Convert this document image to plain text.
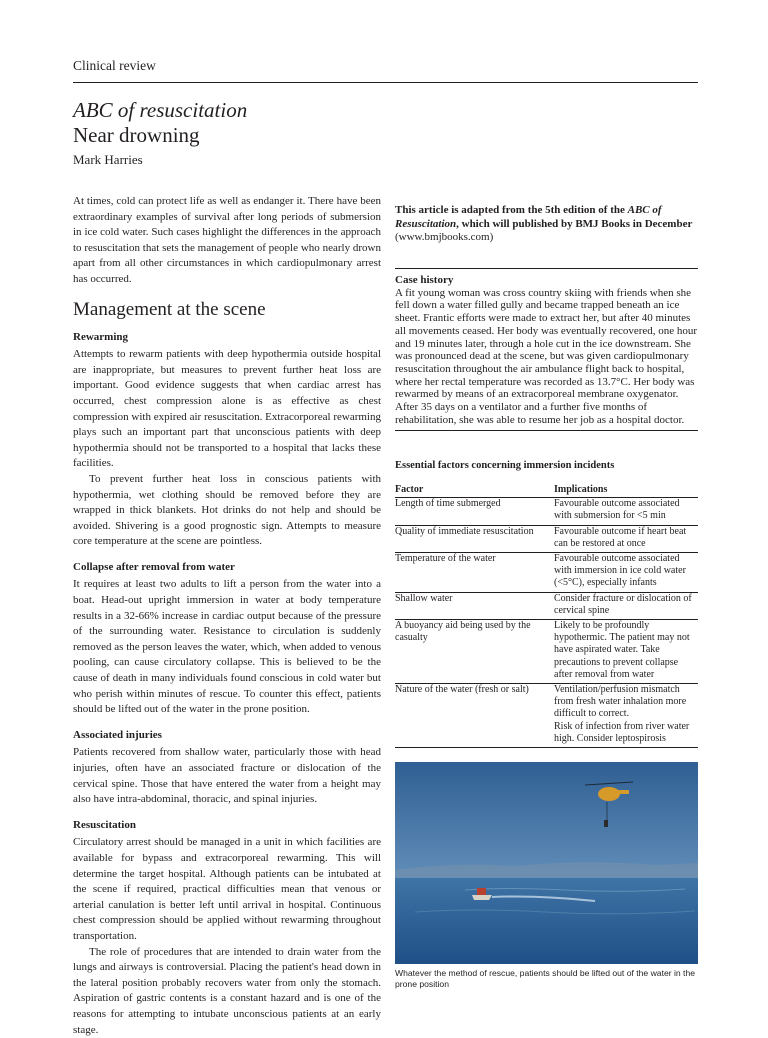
Clinical review
ABC of resuscitation
Near drowning
Mark Harries

At times, cold can protect life as well as endanger it. There have been extraordinary examples of survival after long periods of submersion in ice cold water. Such cases highlight the differences in the approach to resuscitation that sets the management of people who nearly drown apart from all other circumstances in which cardiopulmonary arrest has occurred.

Management at the scene
Rewarming

Attempts to rewarm patients with deep hypothermia outside hospital are inappropriate, but measures to prevent further heat loss are important. Good evidence suggests that when cardiac arrest has occurred, chest compression alone is as effective as chest compression with expired air resuscitation. Extracorporeal rewarming plays such an important part that unconscious patients with deep hypothermia should not be transported to a hospital that lacks these facilities.

To prevent further heat loss in conscious patients with hypothermia, wet clothing should be removed before they are wrapped in thick blankets. Hot drinks do not help and should be avoided. Shivering is a good prognostic sign. Attempts to measure core temperature at the scene are pointless.

Collapse after removal from water

It requires at least two adults to lift a person from the water into a boat. Head-out upright immersion in water at body temperature results in a 32-66% increase in cardiac output because of the pressure of the surrounding water. Resistance to circulation is suddenly removed as the person leaves the water, which, when added to venous pooling, can cause circulatory collapse. This is believed to be the cause of death in many individuals found conscious in cold water but who perish within minutes of rescue. To counter this effect, patients should be lifted out of the water in the prone position.

Associated injuries

Patients recovered from shallow water, particularly those with head injuries, often have an associated fracture or dislocation of the cervical spine. Those that have entered the water from a height may also have intra-abdominal, thoracic, and spinal injuries.

Resuscitation

Circulatory arrest should be managed in a unit in which facilities are available for bypass and extracorporeal rewarming. This will determine the target hospital. Although patients can be intubated at the scene if required, practical difficulties mean that venous or arterial canulation is better left until arrival in hospital. Continuous chest compression should be applied without rewarming throughout transportation.

The role of procedures that are intended to drain water from the lungs and airways is controversial. Placing the patient's head down in the lateral position probably recovers water from only the stomach. Aspiration of gastric contents is a constant hazard and is one of the reasons for attempting to intubate unconscious patients at an early stage.

This article is adapted from the 5th edition of the ABC of Resuscitation, which will published by BMJ Books in December (www.bmjbooks.com)
Case history
A fit young woman was cross country skiing with friends when she fell down a water filled gully and became trapped beneath an ice sheet. Frantic efforts were made to extract her, but after 40 minutes all movements ceased. Her body was eventually recovered, one hour and 19 minutes later, through a hole cut in the ice downstream. She was pronounced dead at the scene, but was given cardiopulmonary resuscitation throughout the air ambulance flight back to hospital, where her rectal temperature was recorded as 13.7°C. Her body was rewarmed by means of an extracorporeal membrane oxygenator. After 35 days on a ventilator and a further five months of rehabilitation, she was able to resume her job as a hospital doctor.
Essential factors concerning immersion incidents
Factor	Implications
Length of time submerged	Favourable outcome associated with submersion for <5 min
Quality of immediate resuscitation	Favourable outcome if heart beat can be restored at once
Temperature of the water	Favourable outcome associated with immersion in ice cold water (<5°C), especially infants
Shallow water	Consider fracture or dislocation of cervical spine
A buoyancy aid being used by the casualty	Likely to be profoundly hypothermic. The patient may not have aspirated water. Take precautions to prevent collapse after removal from water
Nature of the water (fresh or salt)	Ventilation/perfusion mismatch from fresh water inhalation more difficult to correct.
Risk of infection from river water high. Consider leptospirosis
Whatever the method of rescue, patients should be lifted out of the water in the prone position
